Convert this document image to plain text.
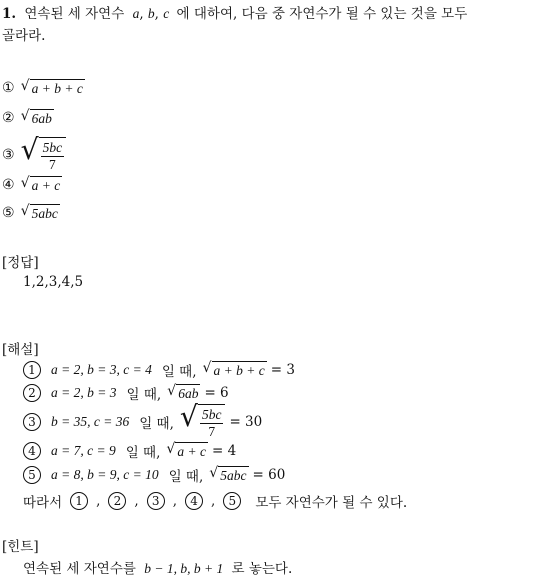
1. 연속된 세 자연수 a, b, c 에 대하여, 다음 중 자연수가 될 수 있는 것을 모두
골라라.
① √ a + b + c
② √ 6ab
③ √ $\frac{5bc}{7}$
④ √ a + c
⑤ √ 5abc
[정답]
1,2,3,4,5
[해설]
1	a = 2, b = 3, c = 4 일 때, √ a + b + c = 3
2	a = 2, b = 3 일 때, √ 6ab = 6
3	b = 35, c = 36 일 때, √ $\frac{5bc}{7} = 30$
4	a = 7, c = 9 일 때, √ a + c = 4
5	a = 8, b = 9, c = 10 일 때, √ 5abc = 60
따라서	1 ,	2 ,	3 ,	4 ,	5	모두 자연수가 될 수 있다.
[힌트]
연속된 세 자연수를 b − 1, b, b + 1 로 놓는다.
